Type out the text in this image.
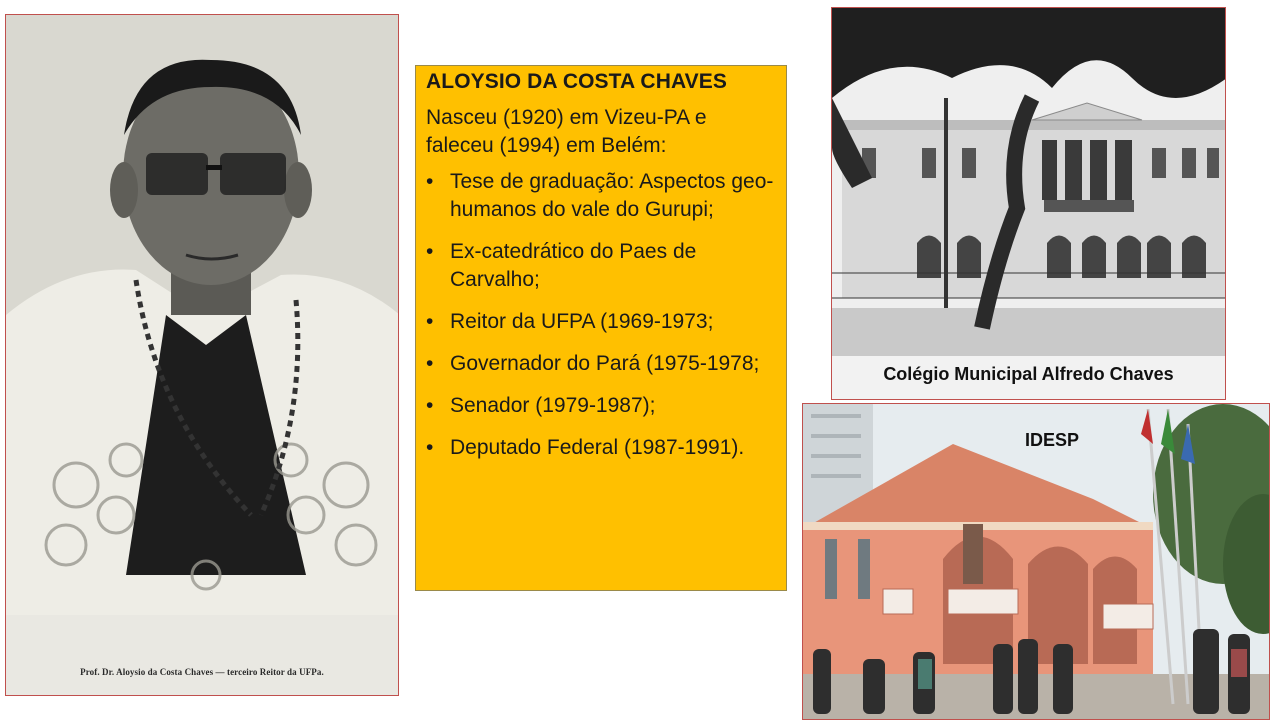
Prof. Dr. Aloysio da Costa Chaves — terceiro Reitor da UFPa.
ALOYSIO DA COSTA CHAVES
Nasceu (1920) em Vizeu-PA e faleceu (1994) em Belém:
• Tese de graduação: Aspectos geo-humanos do vale do Gurupi;
• Ex-catedrático do Paes de Carvalho;
• Reitor da UFPA (1969-1973;
• Governador do Pará (1975-1978;
• Senador (1979-1987);
• Deputado Federal (1987-1991).
Colégio Municipal Alfredo Chaves
IDESP
